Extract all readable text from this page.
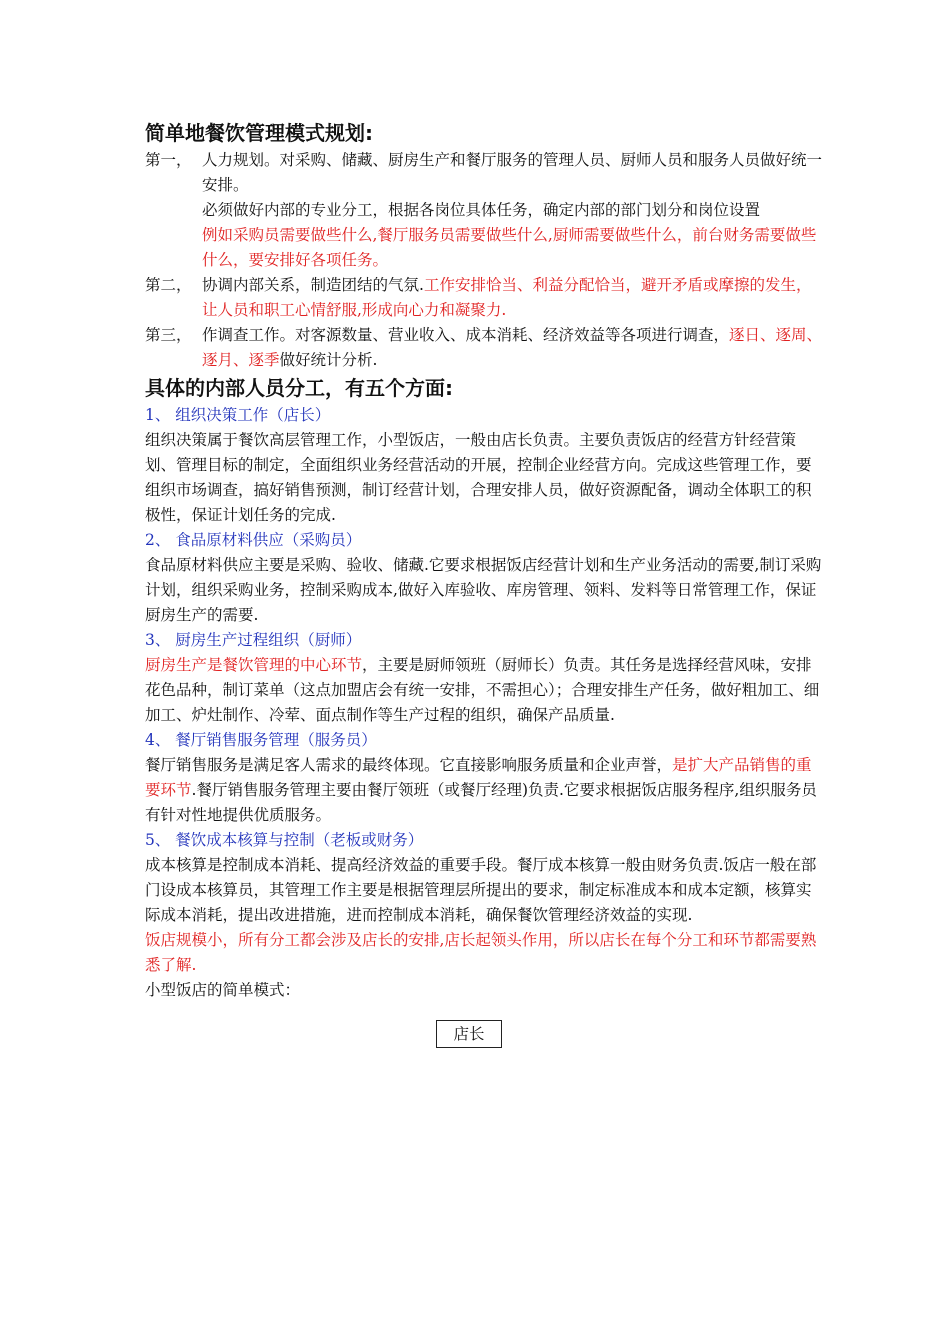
简单地餐饮管理模式规划:

第一， 人力规划。对采购、储藏、厨房生产和餐厅服务的管理人员、厨师人员和服务人员做好统一安排。

必须做好内部的专业分工，根据各岗位具体任务，确定内部的部门划分和岗位设置

例如采购员需要做些什么,餐厅服务员需要做些什么,厨师需要做些什么，前台财务需要做些什么，要安排好各项任务。

第二， 协调内部关系，制造团结的气氛.工作安排恰当、利益分配恰当，避开矛盾或摩擦的发生，让人员和职工心情舒服,形成向心力和凝聚力.

第三， 作调查工作。对客源数量、营业收入、成本消耗、经济效益等各项进行调查，逐日、逐周、逐月、逐季做好统计分析.

具体的内部人员分工，有五个方面:

1、 组织决策工作（店长）

组织决策属于餐饮高层管理工作，小型饭店，一般由店长负责。主要负责饭店的经营方针经营策划、管理目标的制定，全面组织业务经营活动的开展，控制企业经营方向。完成这些管理工作，要组织市场调查，搞好销售预测，制订经营计划，合理安排人员，做好资源配备，调动全体职工的积极性，保证计划任务的完成.

2、 食品原材料供应（采购员）

食品原材料供应主要是采购、验收、储藏.它要求根据饭店经营计划和生产业务活动的需要,制订采购计划，组织采购业务，控制采购成本,做好入库验收、库房管理、领料、发料等日常管理工作，保证厨房生产的需要.

3、 厨房生产过程组织（厨师）

厨房生产是餐饮管理的中心环节，主要是厨师领班（厨师长）负责。其任务是选择经营风味，安排花色品种，制订菜单（这点加盟店会有统一安排，不需担心）；合理安排生产任务，做好粗加工、细加工、炉灶制作、冷荤、面点制作等生产过程的组织，确保产品质量.

4、 餐厅销售服务管理（服务员）

餐厅销售服务是满足客人需求的最终体现。它直接影响服务质量和企业声誉，是扩大产品销售的重要环节.餐厅销售服务管理主要由餐厅领班（或餐厅经理)负责.它要求根据饭店服务程序,组织服务员有针对性地提供优质服务。

5、 餐饮成本核算与控制（老板或财务）

成本核算是控制成本消耗、提高经济效益的重要手段。餐厅成本核算一般由财务负责.饭店一般在部门设成本核算员，其管理工作主要是根据管理层所提出的要求，制定标准成本和成本定额，核算实际成本消耗，提出改进措施，进而控制成本消耗，确保餐饮管理经济效益的实现.

饭店规模小，所有分工都会涉及店长的安排,店长起领头作用，所以店长在每个分工和环节都需要熟悉了解.

小型饭店的简单模式：

店长
